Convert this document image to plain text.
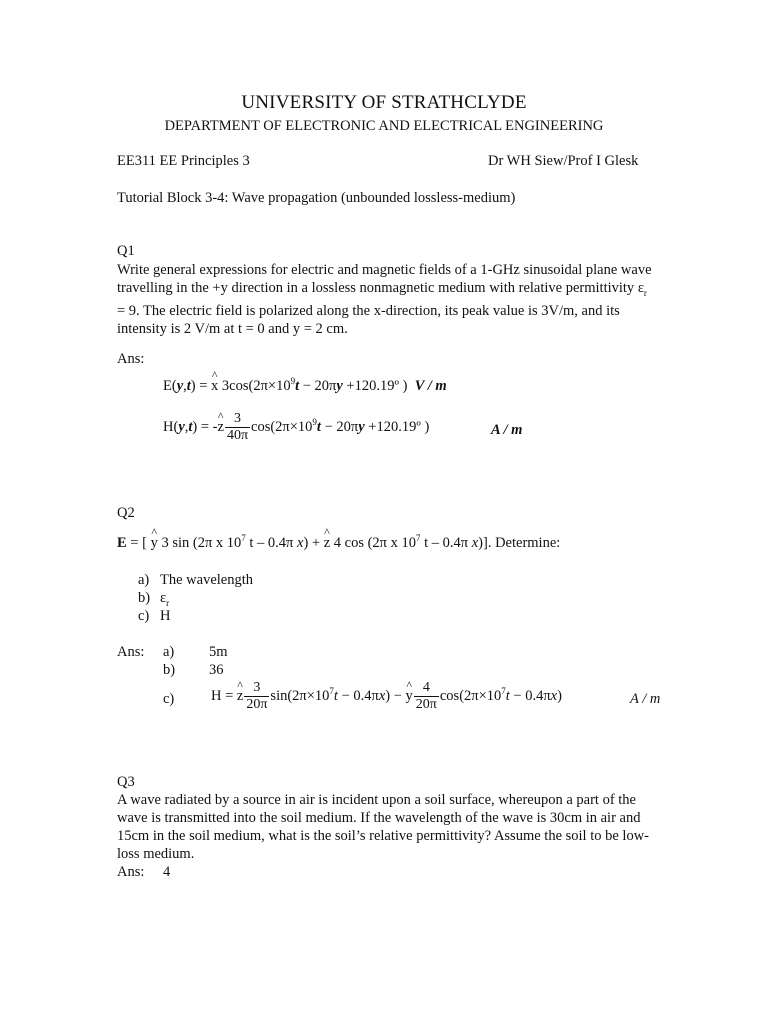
UNIVERSITY OF STRATHCLYDE
DEPARTMENT OF ELECTRONIC AND ELECTRICAL ENGINEERING
EE311 EE Principles 3	Dr WH Siew/Prof I Glesk
Tutorial Block 3-4: Wave propagation (unbounded lossless-medium)
Q1
Write general expressions for electric and magnetic fields of a 1-GHz sinusoidal plane wave travelling in the +y direction in a lossless nonmagnetic medium with relative permittivity $\varepsilon_r = 9$. The electric field is polarized along the x-direction, its peak value is 3V/m, and its intensity is 2 V/m at t = 0 and y = 2 cm.
Ans:
E(y,t) = ^ x $3\cos(2\pi\times 10^9t - 20\pi y$ +120.19º ) V / m
H(y,t) = -^ z $\frac{3}{40\pi} \cos(2\pi\times 10^9t - 20\pi y$ +120.19º )	A / m
Q2
E = [ ^ y 3 sin (2π x $10^7$ t – 0.4π x) + ^ z 4 cos (2π x $10^7$ t – 0.4π x)]. Determine:
a) The wavelength
b) $\varepsilon_r$
c) H
Ans: a) 5m
b) 36
c)	H = ^ z $\frac{3}{20\pi} \sin(2\pi\times 10^7t - 0.4\pi x)$ − ^ y $\frac{4}{20\pi} \cos(2\pi\times 10^7t - 0.4\pi x)$	A / m
Q3
A wave radiated by a source in air is incident upon a soil surface, whereupon a part of the wave is transmitted into the soil medium. If the wavelength of the wave is 30cm in air and 15cm in the soil medium, what is the soil’s relative permittivity? Assume the soil to be low-loss medium.
Ans: 4
